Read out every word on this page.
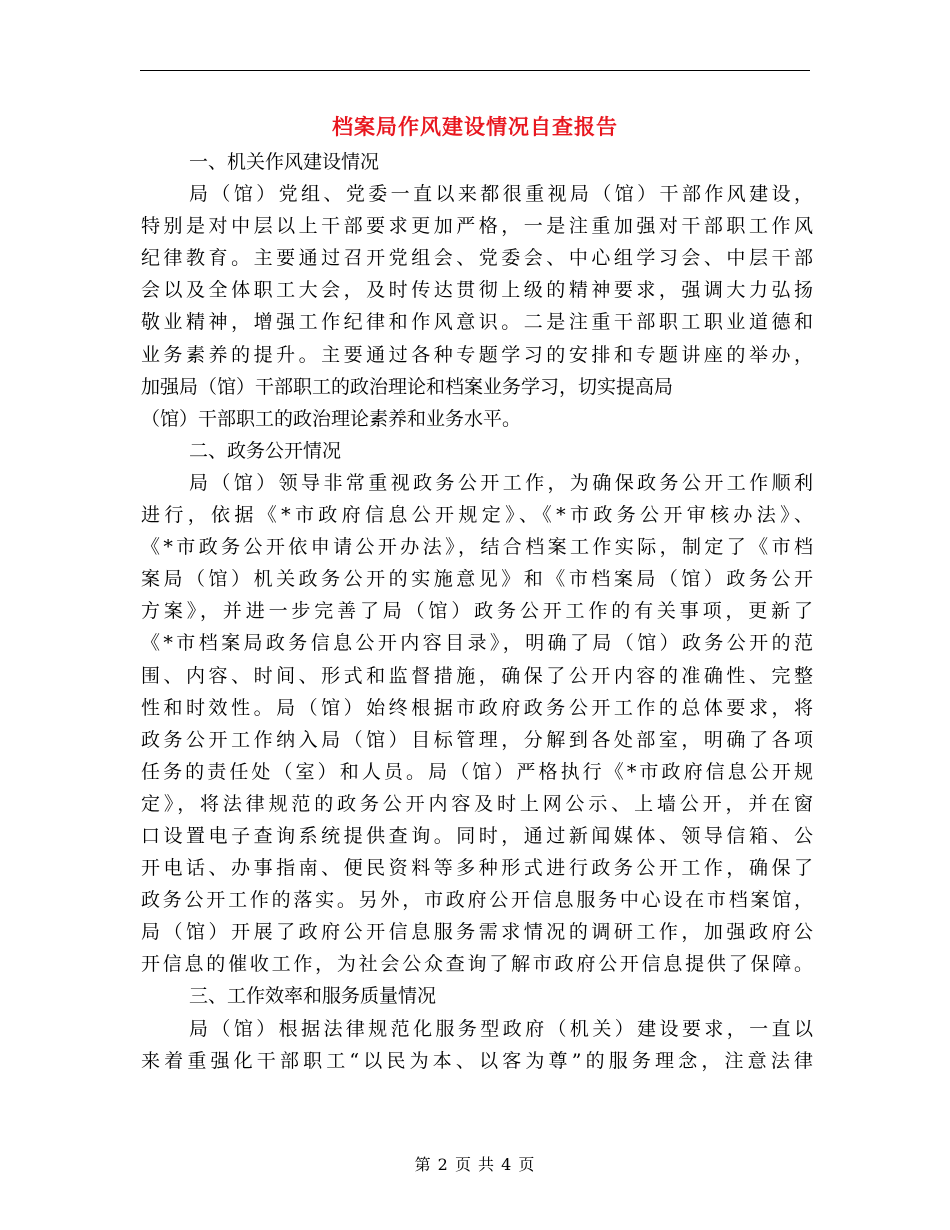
档案局作风建设情况自查报告
一、机关作风建设情况
局（馆）党组、党委一直以来都很重视局（馆）干部作风建设，
特别是对中层以上干部要求更加严格，一是注重加强对干部职工作风
纪律教育。主要通过召开党组会、党委会、中心组学习会、中层干部
会以及全体职工大会，及时传达贯彻上级的精神要求，强调大力弘扬
敬业精神，增强工作纪律和作风意识。二是注重干部职工职业道德和
业务素养的提升。主要通过各种专题学习的安排和专题讲座的举办，
加强局（馆）干部职工的政治理论和档案业务学习，切实提高局
（馆）干部职工的政治理论素养和业务水平。
二、政务公开情况
局（馆）领导非常重视政务公开工作，为确保政务公开工作顺利
进行，依据《*市政府信息公开规定》、《*市政务公开审核办法》、
《*市政务公开依申请公开办法》，结合档案工作实际，制定了《市档
案局（馆）机关政务公开的实施意见》和《市档案局（馆）政务公开
方案》，并进一步完善了局（馆）政务公开工作的有关事项，更新了
《*市档案局政务信息公开内容目录》，明确了局（馆）政务公开的范
围、内容、时间、形式和监督措施，确保了公开内容的准确性、完整
性和时效性。局（馆）始终根据市政府政务公开工作的总体要求，将
政务公开工作纳入局（馆）目标管理，分解到各处部室，明确了各项
任务的责任处（室）和人员。局（馆）严格执行《*市政府信息公开规
定》，将法律规范的政务公开内容及时上网公示、上墙公开，并在窗
口设置电子查询系统提供查询。同时，通过新闻媒体、领导信箱、公
开电话、办事指南、便民资料等多种形式进行政务公开工作，确保了
政务公开工作的落实。另外，市政府公开信息服务中心设在市档案馆，
局（馆）开展了政府公开信息服务需求情况的调研工作，加强政府公
开信息的催收工作，为社会公众查询了解市政府公开信息提供了保障。
三、工作效率和服务质量情况
局（馆）根据法律规范化服务型政府（机关）建设要求，一直以
来着重强化干部职工“以民为本、以客为尊”的服务理念，注意法律
第 2 页 共 4 页
